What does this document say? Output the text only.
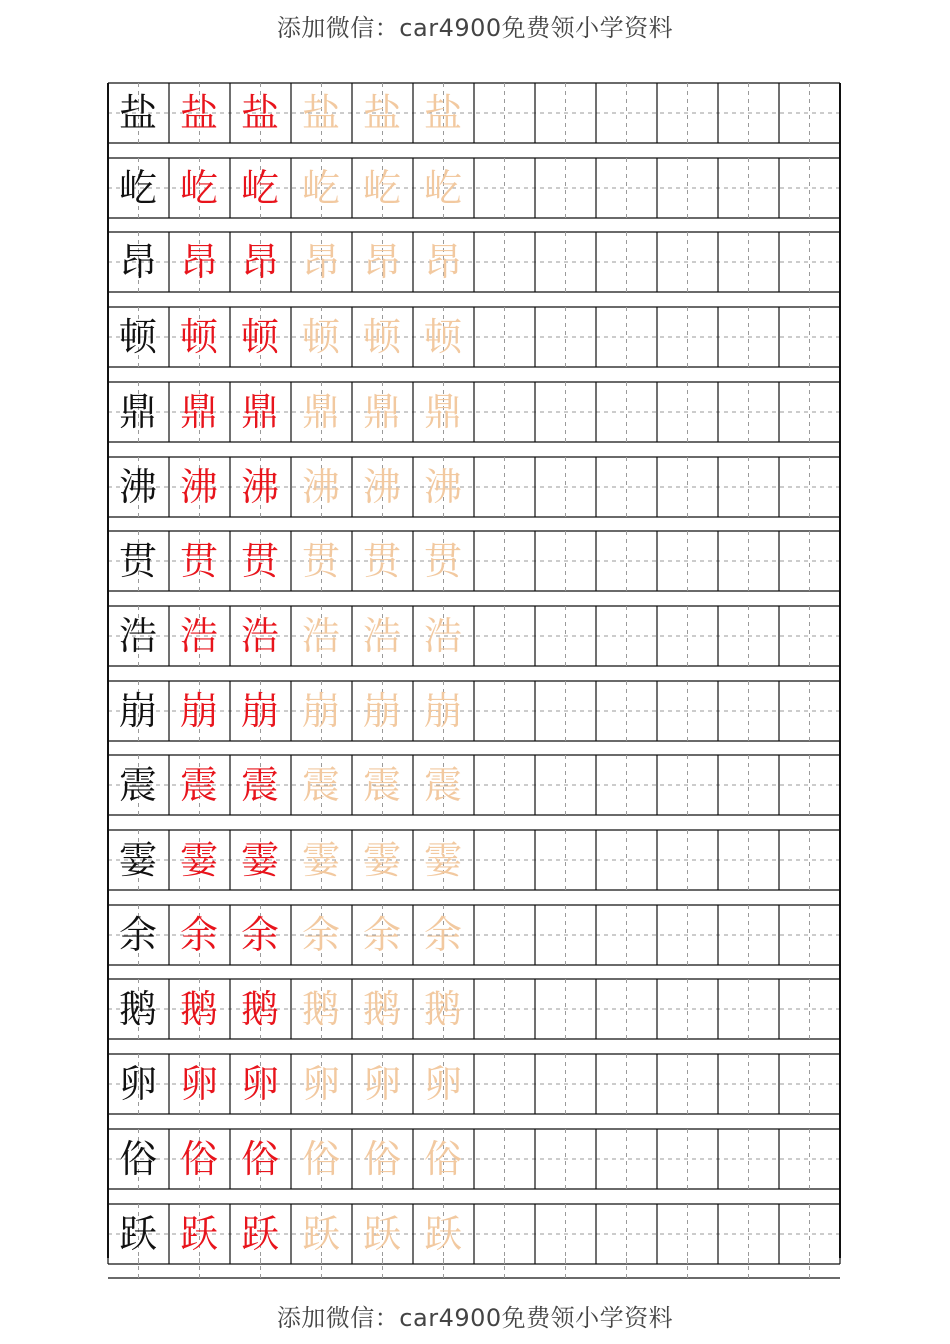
添加微信：car4900免费领小学资料
盐 盐 盐 盐 盐 盐
屹 屹 屹 屹 屹 屹
昂 昂 昂 昂 昂 昂
顿 顿 顿 顿 顿 顿
鼎 鼎 鼎 鼎 鼎 鼎
沸 沸 沸 沸 沸 沸
贯 贯 贯 贯 贯 贯
浩 浩 浩 浩 浩 浩
崩 崩 崩 崩 崩 崩
震 震 震 震 震 震
霎 霎 霎 霎 霎 霎
余 余 余 余 余 余
鹅 鹅 鹅 鹅 鹅 鹅
卵 卵 卵 卵 卵 卵
俗 俗 俗 俗 俗 俗
跃 跃 跃 跃 跃 跃
添加微信：car4900免费领小学资料
